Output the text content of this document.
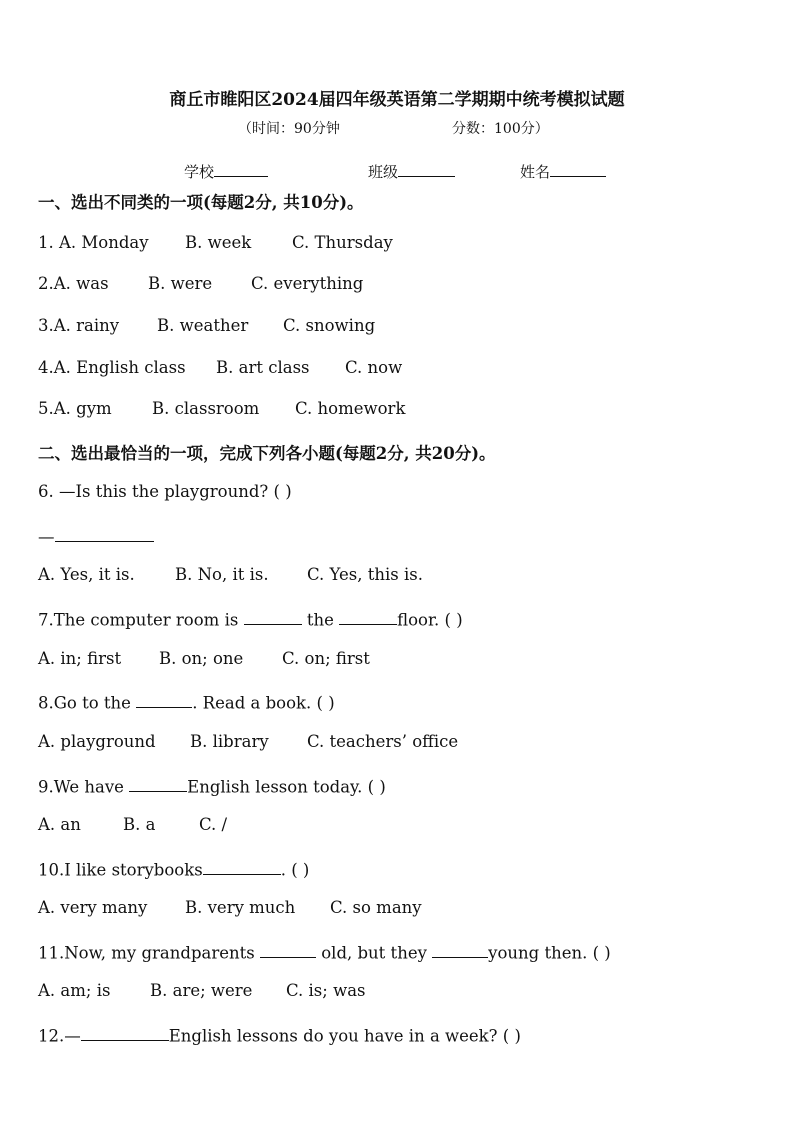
商丘市睢阳区2024届四年级英语第二学期期中统考模拟试题
（时间：90分钟	分数：100分）
学校	班级	姓名
一、选出不同类的一项(每题2分, 共10分)。
1. A. Monday B. week C. Thursday
2.A. was B. were C. everything
3.A. rainy B. weather C. snowing
4.A. English class B. art class C. now
5.A. gym B. classroom C. homework
二、选出最恰当的一项，完成下列各小题(每题2分, 共20分)。
6. —Is this the playground? ( )
—
A. Yes, it is. B. No, it is. C. Yes, this is.
7.The computer room is	the	floor. ( )
A. in; first B. on; one C. on; first
8.Go to the	. Read a book. ( )
A. playground B. library C. teachers’ office
9.We have	English lesson today. ( )
A. an	B. a	C. /
10.I like storybooks	. ( )
A. very many B. very much C. so many
11.Now, my grandparents	old, but they	young then. ( )
A. am; is B. are; were C. is; was
12.—	English lessons do you have in a week? ( )
